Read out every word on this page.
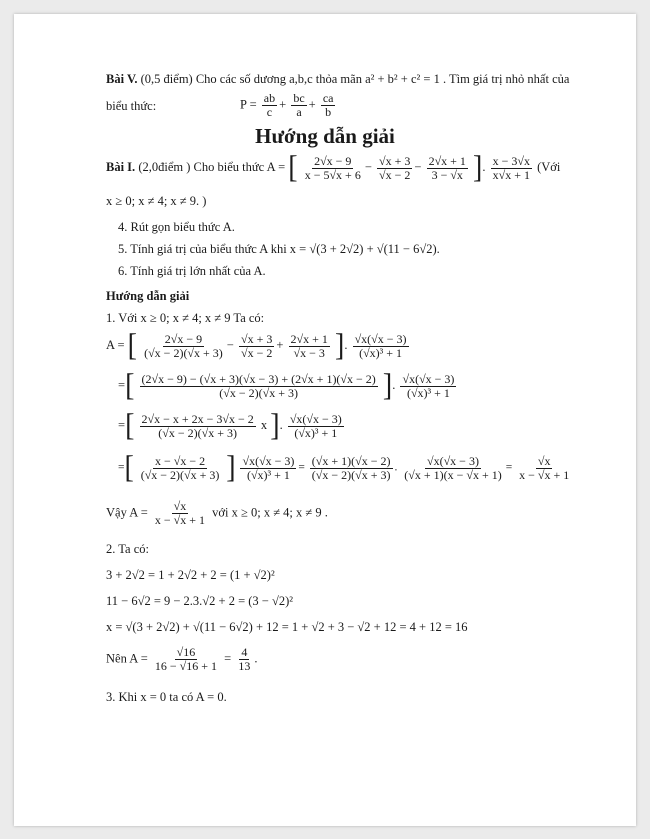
Bài V. (0,5 điểm) Cho các số dương a,b,c thỏa mãn a² + b² + c² = 1 . Tìm giá trị nhỏ nhất của
biểu thức:	$P = \frac{ab}{c} + \frac{bc}{a} + \frac{ca}{b}$
Hướng dẫn giải
Bài I. (2,0điểm ) Cho biểu thức A = [ $\frac{2√x - 9}{x - 5√x + 6} - \frac{√x + 3}{√x - 2} - \frac{2√x + 1}{3 - √x}$ ]. $\frac{x - 3√x}{x√x + 1}$ (Với
x ≥ 0; x ≠ 4; x ≠ 9. )
4. Rút gọn biểu thức A.
5. Tính giá trị của biểu thức A khi x = √(3 + 2√2) + √(11 − 6√2).
6. Tính giá trị lớn nhất của A.
Hướng dẫn giải
1. Với x ≥ 0; x ≠ 4; x ≠ 9 Ta có:
A = [ $\frac{2√x - 9}{(√x - 2)(√x + 3)} - \frac{√x + 3}{√x - 2} + \frac{2√x + 1}{√x - 3}$ ]. $\frac{√x(√x - 3)}{\text{(√x)³ + 1}}$
=[ $\frac{(2√x - 9) - (√x + 3)(√x - 3) + (2√x + 1)(√x - 2)}{(√x - 2)(√x + 3)}$ ]. $\frac{√x(√x - 3)}{\text{(√x)³ + 1}}$
=[ $\frac{2√x - x + 2x - 3√x - 2}{(√x - 2)(√x + 3)}$ x ]. $\frac{√x(√x - 3)}{\text{(√x)³ + 1}}$
=[ $\frac{x - √x - 2}{(√x - 2)(√x + 3)}$ ] $\frac{√x(√x - 3)}{\text{(√x)³ + 1}} = \frac{(√x + 1)(√x - 2)}{(√x - 2)(√x + 3)}$ . $\frac{√x(√x - 3)}{(√x + 1)(x - √x + 1)} = \frac{√x}{x - √x + 1}$
Vậy $A = \frac{√x}{x - √x + 1}$ với x ≥ 0; x ≠ 4; x ≠ 9 .
2. Ta có:
3 + 2√2 = 1 + 2√2 + 2 = (1 + √2)²
11 − 6√2 = 9 − 2.3.√2 + 2 = (3 − √2)²
x = √(3 + 2√2) + √(11 − 6√2) + 12 = 1 + √2 + 3 − √2 + 12 = 4 + 12 = 16
Nên $A = \frac{√16}{16 - √16 + 1} = \frac{4}{13}$ .
3. Khi x = 0 ta có A = 0.
